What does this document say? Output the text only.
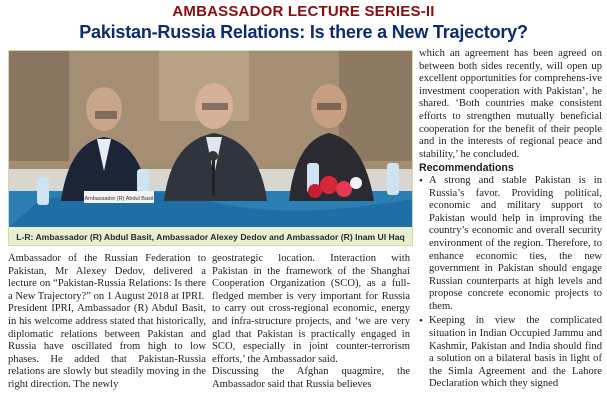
AMBASSADOR LECTURE SERIES-II
Pakistan-Russia Relations: Is there a New Trajectory?
Ambassador (R) Abdul Basit
L-R: Ambassador (R) Abdul Basit, Ambassador Alexey Dedov and Ambassador (R) Inam Ul Haq

Ambassador of the Russian Federation to Pakistan, Mr Alexey Dedov, delivered a lecture on “Pakistan-Russia Relations: Is there a New Trajectory?” on 1 August 2018 at IPRI.

President IPRI, Ambassador (R) Abdul Basit, in his welcome address stated that historically, diplomatic relations between Pakistan and Russia have oscillated from high to low phases. He added that Pakistan-Russia relations are slowly but steadily moving in the right direction. The newly

geostrategic location. Interaction with Pakistan in the framework of the Shanghai Cooperation Organization (SCO), as a full-fledged member is very important for Russia to carry out cross-regional economic, energy and infra-structure projects, and ‘we are very glad that Pakistan is practically engaged in SCO, especially in joint counter-terrorism efforts,’ the Ambassador said.

Discussing the Afghan quagmire, the Ambassador said that Russia believes

which an agreement has been agreed on between both sides recently, will open up excellent opportunities for comprehens-ive investment cooperation with Pakistan’, he shared. ‘Both countries make consistent efforts to strengthen mutually beneficial cooperation for the benefit of their people and in the interests of regional peace and stability,’ he concluded.

Recommendations
• A strong and stable Pakistan is in Russia’s favor. Providing political, economic and military support to Pakistan would help in improving the country’s economic and overall security environment of the region. Therefore, to enhance economic ties, the new government in Pakistan should engage Russian counterparts at high levels and propose concrete economic projects to them.
• Keeping in view the complicated situation in Indian Occupied Jammu and Kashmir, Pakistan and India should find a solution on a bilateral basis in light of the Simla Agreement and the Lahore Declaration which they signed
